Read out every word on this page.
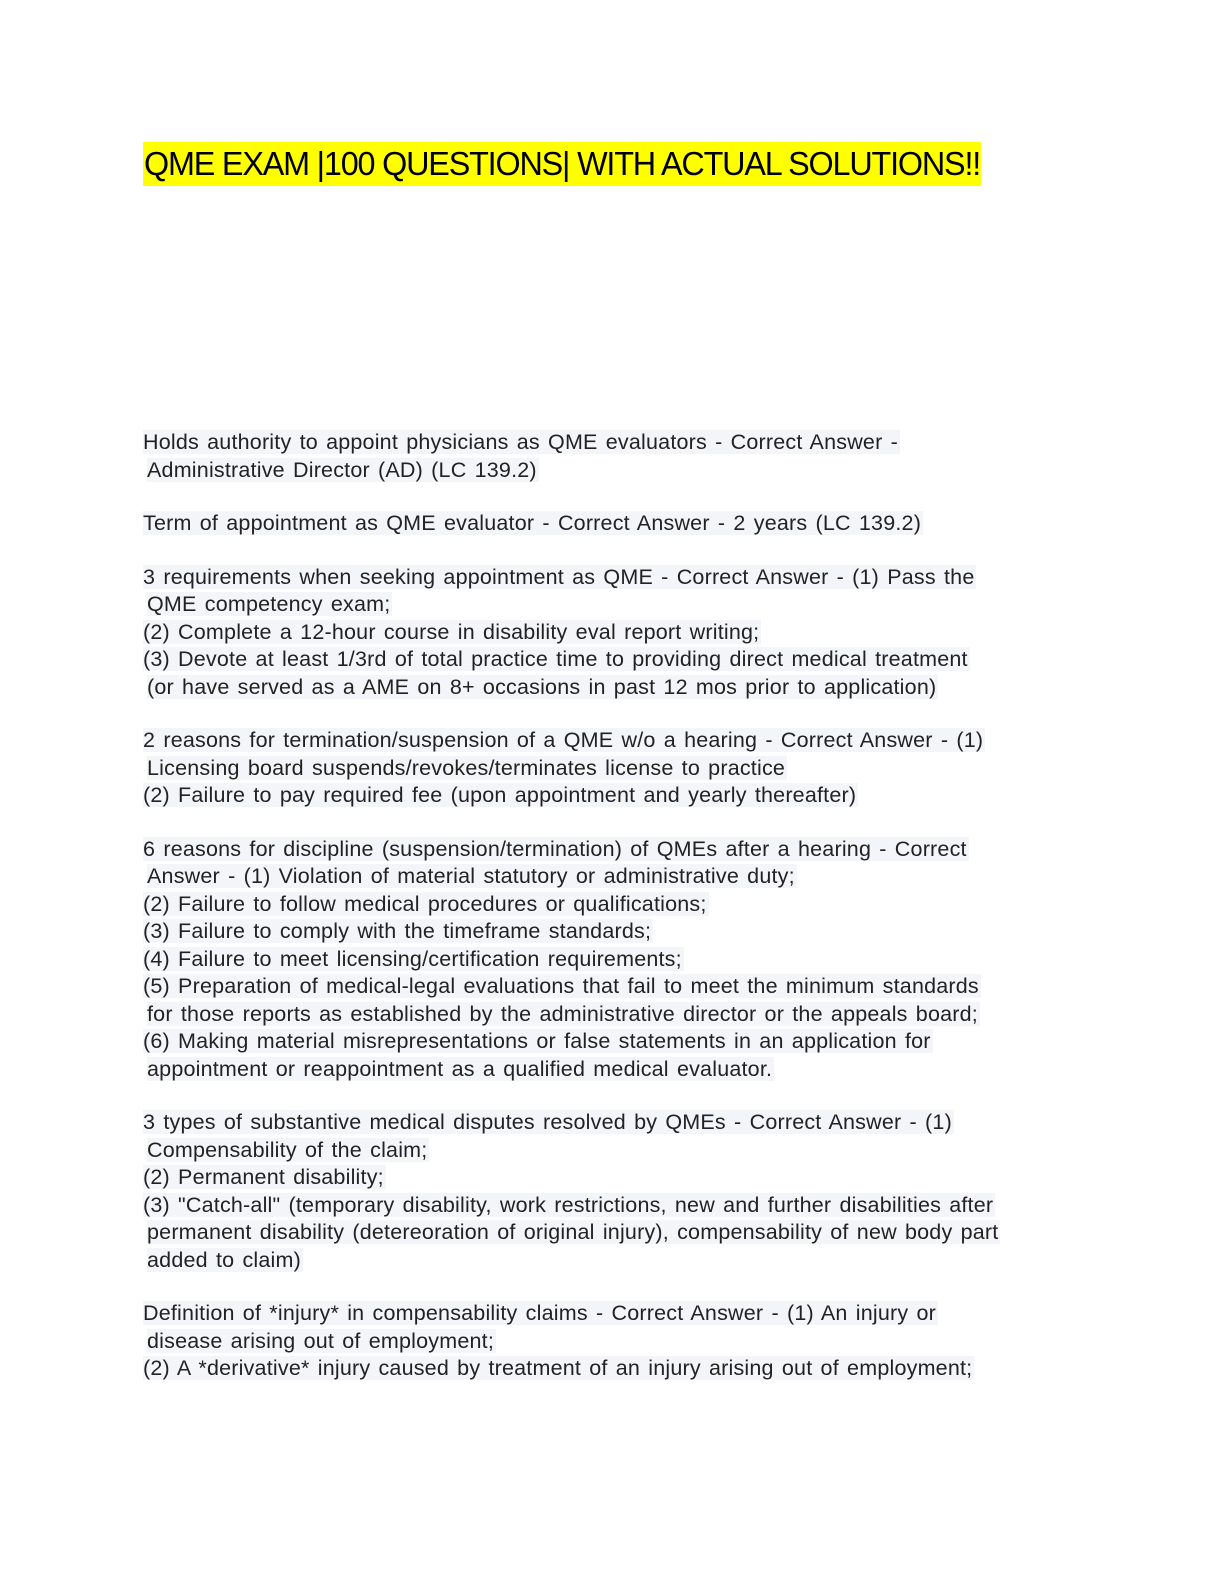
QME EXAM |100 QUESTIONS| WITH ACTUAL SOLUTIONS!!
Holds authority to appoint physicians as QME evaluators - Correct Answer -
Administrative Director (AD) (LC 139.2)
Term of appointment as QME evaluator - Correct Answer - 2 years (LC 139.2)
3 requirements when seeking appointment as QME - Correct Answer - (1) Pass the
QME competency exam;
(2) Complete a 12-hour course in disability eval report writing;
(3) Devote at least 1/3rd of total practice time to providing direct medical treatment
(or have served as a AME on 8+ occasions in past 12 mos prior to application)
2 reasons for termination/suspension of a QME w/o a hearing - Correct Answer - (1)
Licensing board suspends/revokes/terminates license to practice
(2) Failure to pay required fee (upon appointment and yearly thereafter)
6 reasons for discipline (suspension/termination) of QMEs after a hearing - Correct
Answer - (1) Violation of material statutory or administrative duty;
(2) Failure to follow medical procedures or qualifications;
(3) Failure to comply with the timeframe standards;
(4) Failure to meet licensing/certification requirements;
(5) Preparation of medical-legal evaluations that fail to meet the minimum standards
for those reports as established by the administrative director or the appeals board;
(6) Making material misrepresentations or false statements in an application for
appointment or reappointment as a qualified medical evaluator.
3 types of substantive medical disputes resolved by QMEs - Correct Answer - (1)
Compensability of the claim;
(2) Permanent disability;
(3) "Catch-all" (temporary disability, work restrictions, new and further disabilities after
permanent disability (detereoration of original injury), compensability of new body part
added to claim)
Definition of *injury* in compensability claims - Correct Answer - (1) An injury or
disease arising out of employment;
(2) A *derivative* injury caused by treatment of an injury arising out of employment;
